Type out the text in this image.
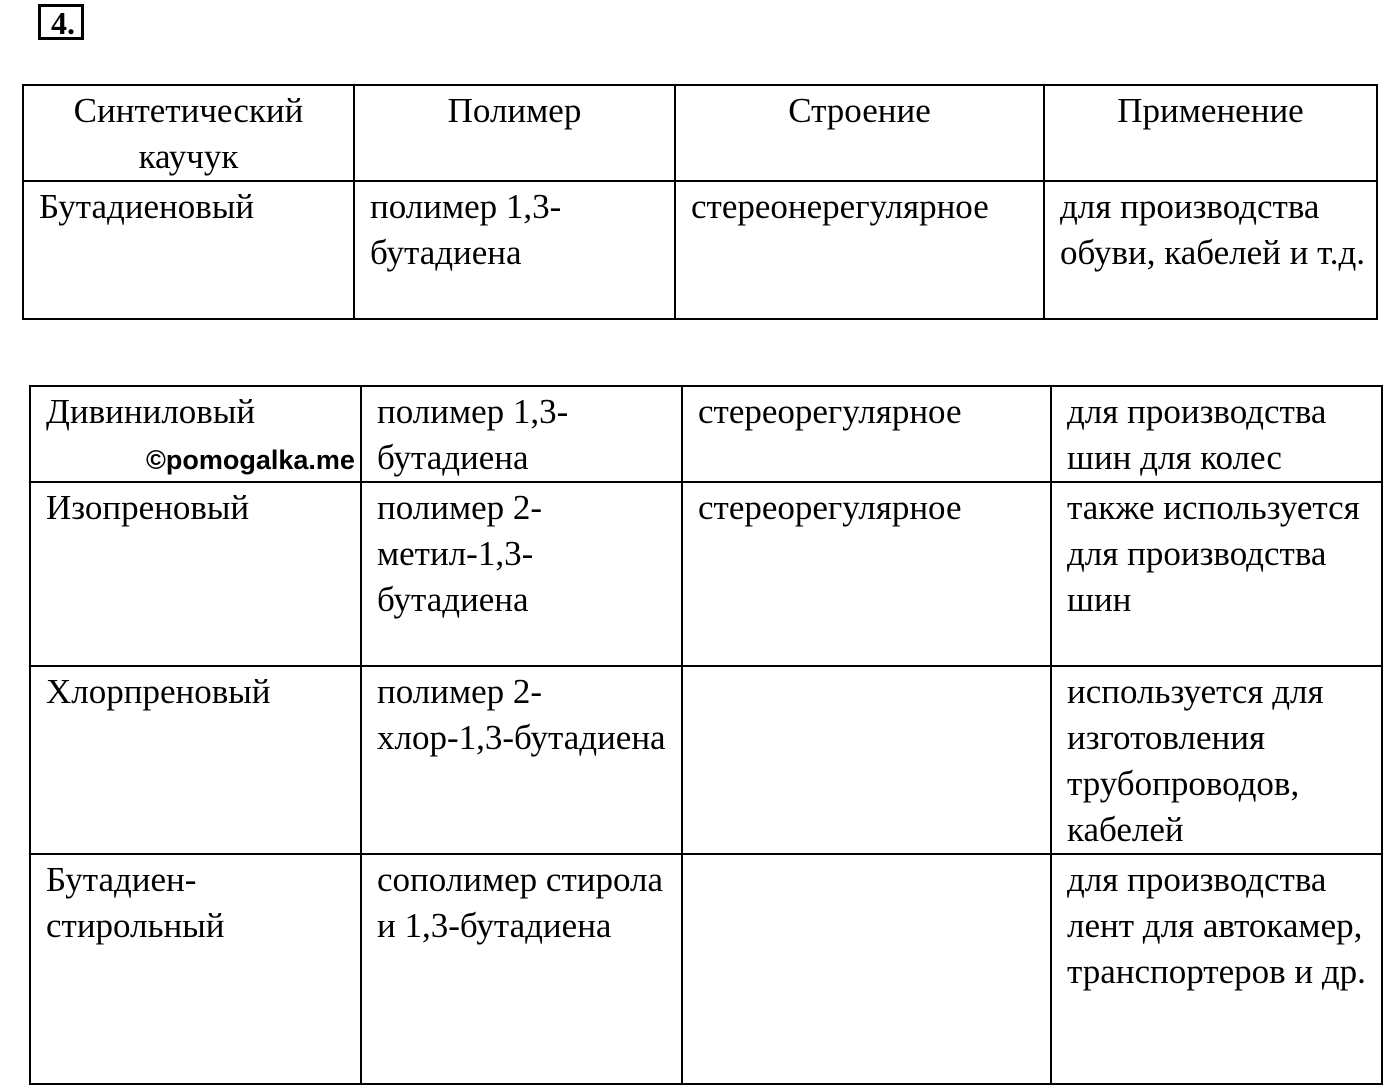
4.
Синтетический каучук	Полимер	Строение	Применение
Бутадиеновый	полимер 1,3-бутадиена	стереонерегулярное	для производства обуви, кабелей и т.д.
Дивиниловый	полимер 1,3-бутадиена	стереорегулярное	для производства шин для колес
Изопреновый	полимер 2-метил-1,3-бутадиена	стереорегулярное	также используется для производства шин
Хлорпреновый	полимер 2-хлор-1,3-бутадиена		используется для изготовления трубопроводов, кабелей
Бутадиен-стирольный	сополимер стирола и 1,3-бутадиена		для производства лент для автокамер, транспортеров и др.
©pomogalka.me
